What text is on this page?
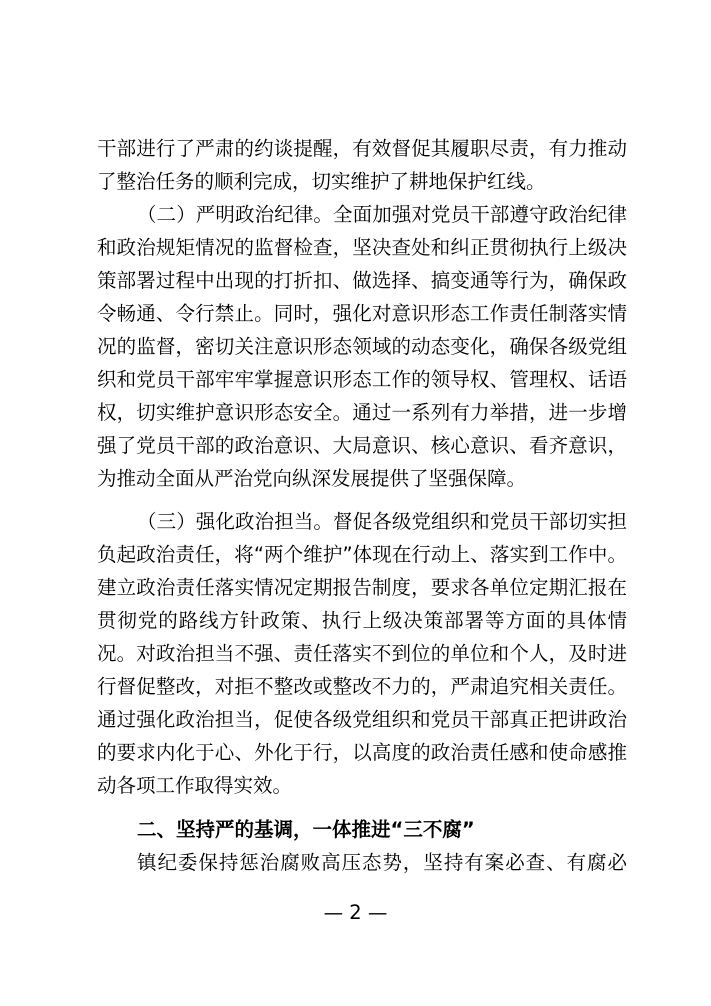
干部进行了严肃的约谈提醒，有效督促其履职尽责，有力推动
了整治任务的顺利完成，切实维护了耕地保护红线。
（二）严明政治纪律。全面加强对党员干部遵守政治纪律
和政治规矩情况的监督检查，坚决查处和纠正贯彻执行上级决
策部署过程中出现的打折扣、做选择、搞变通等行为，确保政
令畅通、令行禁止。同时，强化对意识形态工作责任制落实情
况的监督，密切关注意识形态领域的动态变化，确保各级党组
织和党员干部牢牢掌握意识形态工作的领导权、管理权、话语
权，切实维护意识形态安全。通过一系列有力举措，进一步增
强了党员干部的政治意识、大局意识、核心意识、看齐意识，
为推动全面从严治党向纵深发展提供了坚强保障。
（三）强化政治担当。督促各级党组织和党员干部切实担
负起政治责任，将“两个维护”体现在行动上、落实到工作中。
建立政治责任落实情况定期报告制度，要求各单位定期汇报在
贯彻党的路线方针政策、执行上级决策部署等方面的具体情
况。对政治担当不强、责任落实不到位的单位和个人，及时进
行督促整改，对拒不整改或整改不力的，严肃追究相关责任。
通过强化政治担当，促使各级党组织和党员干部真正把讲政治
的要求内化于心、外化于行，以高度的政治责任感和使命感推
动各项工作取得实效。
二、坚持严的基调，一体推进“三不腐”
镇纪委保持惩治腐败高压态势，坚持有案必查、有腐必
— 2 —
